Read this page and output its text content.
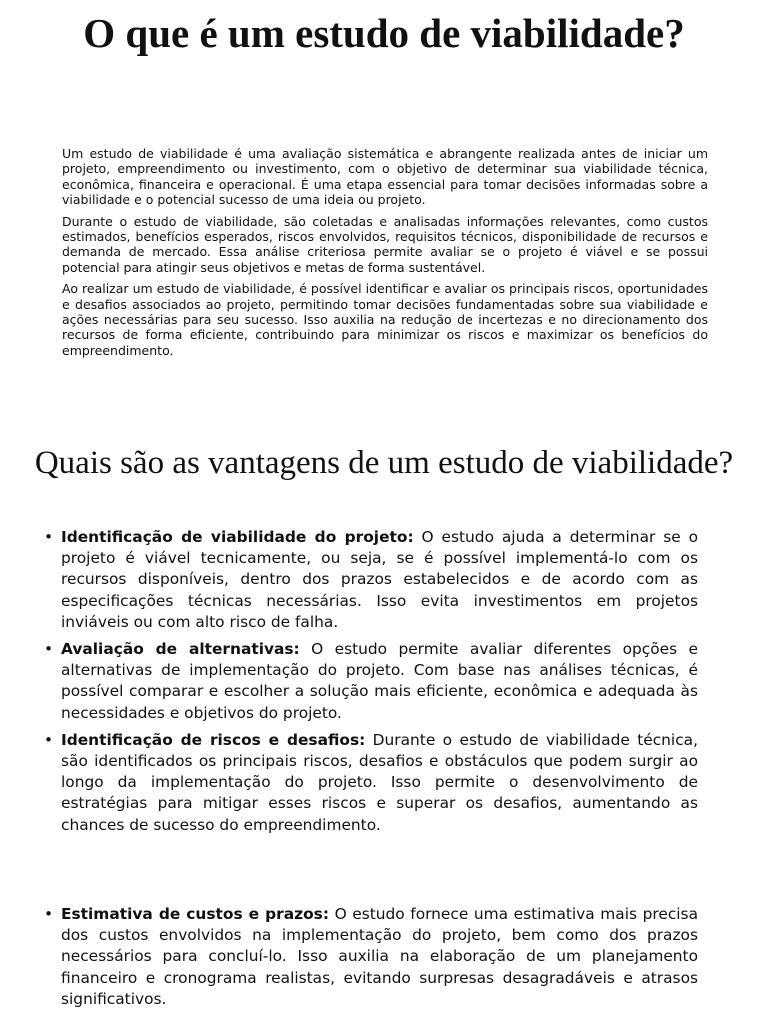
O que é um estudo de viabilidade?

Um estudo de viabilidade é uma avaliação sistemática e abrangente realizada antes de iniciar um projeto, empreendimento ou investimento, com o objetivo de determinar sua viabilidade técnica, econômica, financeira e operacional. É uma etapa essencial para tomar decisões informadas sobre a viabilidade e o potencial sucesso de uma ideia ou projeto.

Durante o estudo de viabilidade, são coletadas e analisadas informações relevantes, como custos estimados, benefícios esperados, riscos envolvidos, requisitos técnicos, disponibilidade de recursos e demanda de mercado. Essa análise criteriosa permite avaliar se o projeto é viável e se possui potencial para atingir seus objetivos e metas de forma sustentável.

Ao realizar um estudo de viabilidade, é possível identificar e avaliar os principais riscos, oportunidades e desafios associados ao projeto, permitindo tomar decisões fundamentadas sobre sua viabilidade e ações necessárias para seu sucesso. Isso auxilia na redução de incertezas e no direcionamento dos recursos de forma eficiente, contribuindo para minimizar os riscos e maximizar os benefícios do empreendimento.

Quais são as vantagens de um estudo de viabilidade?
• Identificação de viabilidade do projeto: O estudo ajuda a determinar se o projeto é viável tecnicamente, ou seja, se é possível implementá-lo com os recursos disponíveis, dentro dos prazos estabelecidos e de acordo com as especificações técnicas necessárias. Isso evita investimentos em projetos inviáveis ou com alto risco de falha.
• Avaliação de alternativas: O estudo permite avaliar diferentes opções e alternativas de implementação do projeto. Com base nas análises técnicas, é possível comparar e escolher a solução mais eficiente, econômica e adequada às necessidades e objetivos do projeto.
• Identificação de riscos e desafios: Durante o estudo de viabilidade técnica, são identificados os principais riscos, desafios e obstáculos que podem surgir ao longo da implementação do projeto. Isso permite o desenvolvimento de estratégias para mitigar esses riscos e superar os desafios, aumentando as chances de sucesso do empreendimento.
• Estimativa de custos e prazos: O estudo fornece uma estimativa mais precisa dos custos envolvidos na implementação do projeto, bem como dos prazos necessários para concluí-lo. Isso auxilia na elaboração de um planejamento financeiro e cronograma realistas, evitando surpresas desagradáveis e atrasos significativos.
